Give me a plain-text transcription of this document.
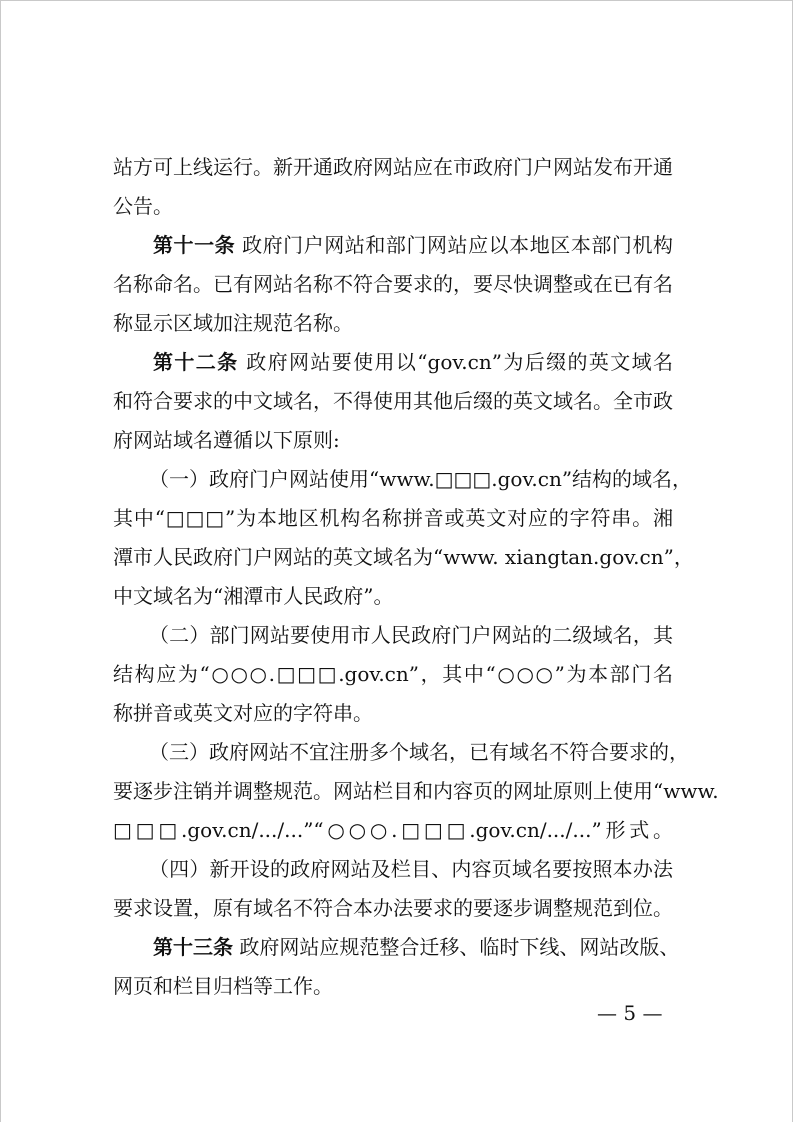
站方可上线运行。新开通政府网站应在市政府门户网站发布开通

公告。

第十一条 政府门户网站和部门网站应以本地区本部门机构

名称命名。已有网站名称不符合要求的，要尽快调整或在已有名

称显示区域加注规范名称。

第十二条 政府网站要使用以“gov.cn”为后缀的英文域名

和符合要求的中文域名，不得使用其他后缀的英文域名。全市政

府网站域名遵循以下原则:

（一）政府门户网站使用“www.□□□.gov.cn”结构的域名，

其中“□□□”为本地区机构名称拼音或英文对应的字符串。湘

潭市人民政府门户网站的英文域名为“www. xiangtan.gov.cn”，

中文域名为“湘潭市人民政府”。

（二）部门网站要使用市人民政府门户网站的二级域名，其

结构应为“○○○.□□□.gov.cn”，其中“○○○”为本部门名

称拼音或英文对应的字符串。

（三）政府网站不宜注册多个域名，已有域名不符合要求的，

要逐步注销并调整规范。网站栏目和内容页的网址原则上使用“www.

□□□.gov.cn/.../...”“○○○.□□□.gov.cn/.../...”形式。

（四）新开设的政府网站及栏目、内容页域名要按照本办法

要求设置，原有域名不符合本办法要求的要逐步调整规范到位。

第十三条 政府网站应规范整合迁移、临时下线、网站改版、

网页和栏目归档等工作。

— 5 —
